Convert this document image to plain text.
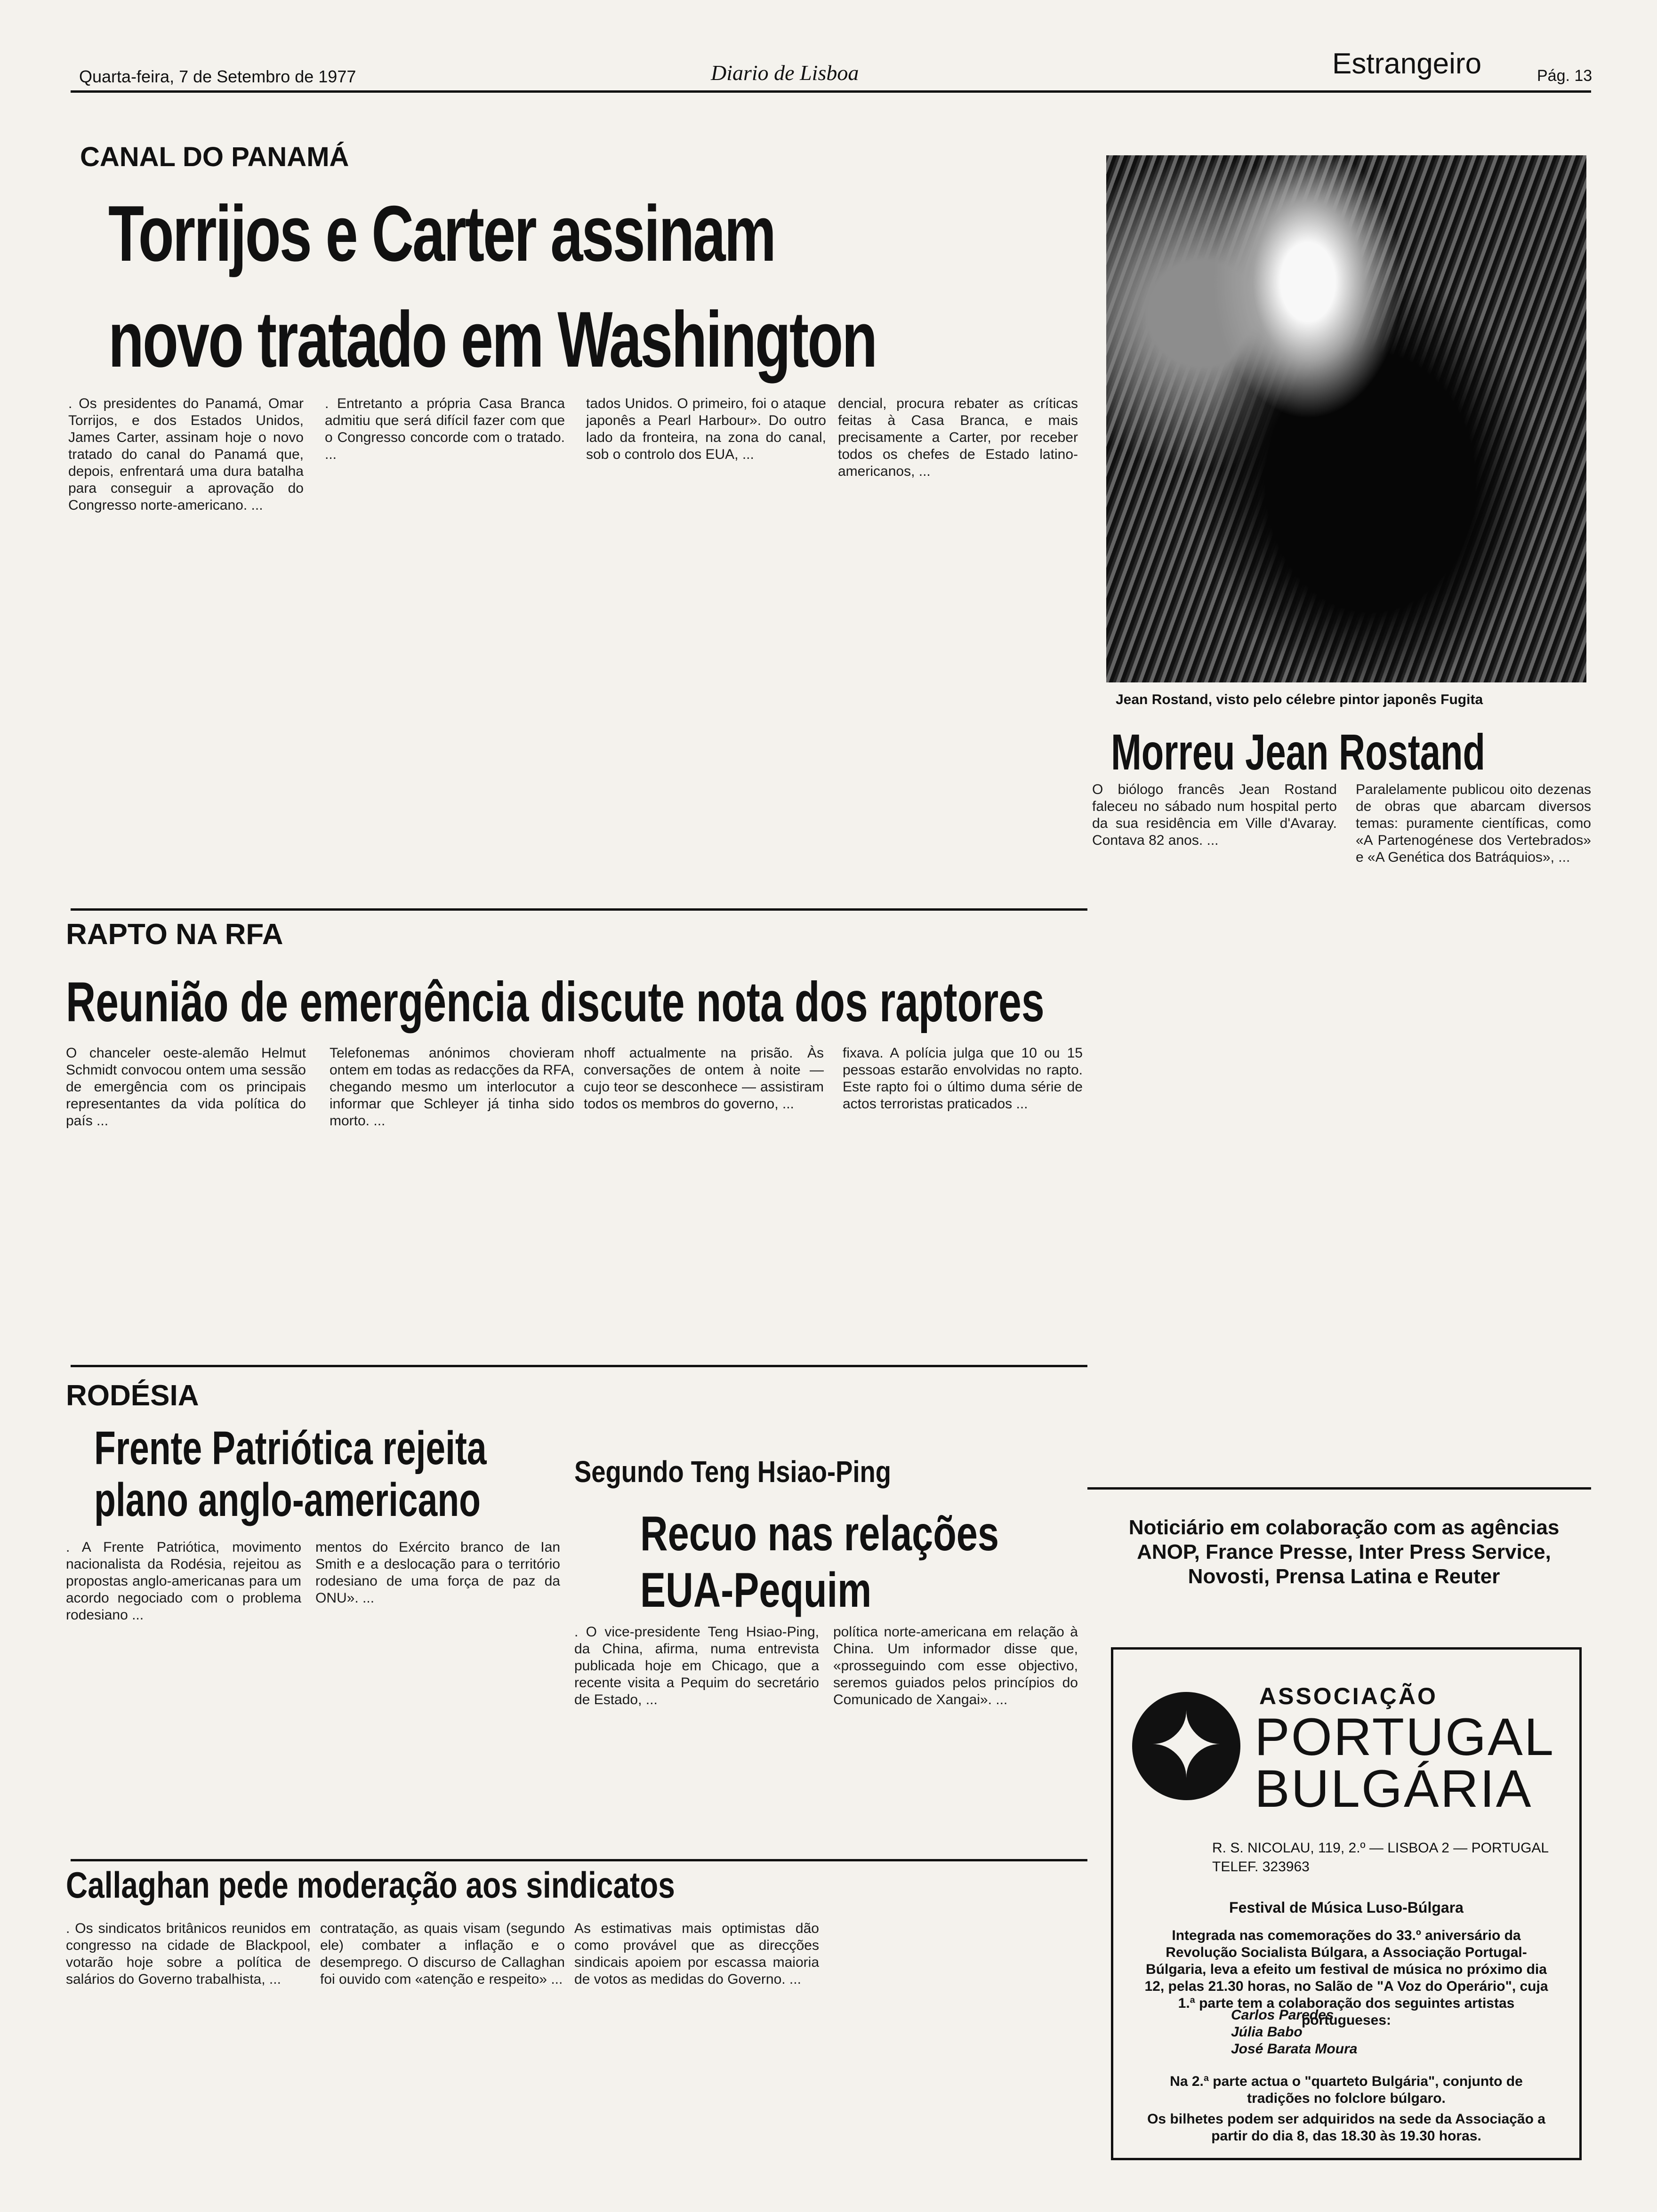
Quarta-feira, 7 de Setembro de 1977	Diario de Lisboa	Estrangeiro	Pág. 13
CANAL DO PANAMÁ
Torrijos e Carter assinam
novo tratado em Washington
. Os presidentes do Panamá, Omar Torrijos, e dos Estados Unidos, James Carter, assinam hoje o novo tratado do canal do Panamá que, depois, enfrentará uma dura batalha para conseguir a aprovação do Congresso norte-americano. ...
. Entretanto a própria Casa Branca admitiu que será difícil fazer com que o Congresso concorde com o tratado. ...
tados Unidos. O primeiro, foi o ataque japonês a Pearl Harbour». Do outro lado da fronteira, na zona do canal, sob o controlo dos EUA, ...
dencial, procura rebater as críticas feitas à Casa Branca, e mais precisamente a Carter, por receber todos os chefes de Estado latino-americanos, ...
Jean Rostand, visto pelo célebre pintor japonês Fugita
Morreu Jean Rostand
O biólogo francês Jean Rostand faleceu no sábado num hospital perto da sua residência em Ville d'Avaray. Contava 82 anos. ...
Paralelamente publicou oito dezenas de obras que abarcam diversos temas: puramente científicas, como «A Partenogénese dos Vertebrados» e «A Genética dos Batráquios», ...
RAPTO NA RFA
Reunião de emergência discute nota dos raptores
O chanceler oeste-alemão Helmut Schmidt convocou ontem uma sessão de emergência com os principais representantes da vida política do país ...
Telefonemas anónimos chovieram ontem em todas as redacções da RFA, chegando mesmo um interlocutor a informar que Schleyer já tinha sido morto. ...
nhoff actualmente na prisão. Às conversações de ontem à noite — cujo teor se desconhece — assistiram todos os membros do governo, ...
fixava. A polícia julga que 10 ou 15 pessoas estarão envolvidas no rapto. Este rapto foi o último duma série de actos terroristas praticados ...
RODÉSIA
Frente Patriótica rejeita
plano anglo-americano
. A Frente Patriótica, movimento nacionalista da Rodésia, rejeitou as propostas anglo-americanas para um acordo negociado com o problema rodesiano ...
mentos do Exército branco de Ian Smith e a deslocação para o território rodesiano de uma força de paz da ONU». ...
Segundo Teng Hsiao-Ping
Recuo nas relações
EUA-Pequim
. O vice-presidente Teng Hsiao-Ping, da China, afirma, numa entrevista publicada hoje em Chicago, que a recente visita a Pequim do secretário de Estado, ...
política norte-americana em relação à China. Um informador disse que, «prosseguindo com esse objectivo, seremos guiados pelos princípios do Comunicado de Xangai». ...
Callaghan pede moderação aos sindicatos
. Os sindicatos britânicos reunidos em congresso na cidade de Blackpool, votarão hoje sobre a política de salários do Governo trabalhista, ...
contratação, as quais visam (segundo ele) combater a inflação e o desemprego. O discurso de Callaghan foi ouvido com «atenção e respeito» ...
As estimativas mais optimistas dão como provável que as direcções sindicais apoiem por escassa maioria de votos as medidas do Governo. ...
Noticiário em colaboração com as agências ANOP, France Presse, Inter Press Service, Novosti, Prensa Latina e Reuter
✦
ASSOCIAÇÃO
PORTUGAL
BULGÁRIA
R. S. NICOLAU, 119, 2.º — LISBOA 2 — PORTUGAL
TELEF. 323963
Festival de Música Luso-Búlgara
Integrada nas comemorações do 33.º aniversário da Revolução Socialista Búlgara, a Associação Portugal-Búlgaria, leva a efeito um festival de música no próximo dia 12, pelas 21.30 horas, no Salão de "A Voz do Operário", cuja 1.ª parte tem a colaboração dos seguintes artistas portugueses:
Carlos Paredes
Júlia Babo
José Barata Moura
Na 2.ª parte actua o "quarteto Bulgária", conjunto de tradições no folclore búlgaro.
Os bilhetes podem ser adquiridos na sede da Associação a partir do dia 8, das 18.30 às 19.30 horas.
